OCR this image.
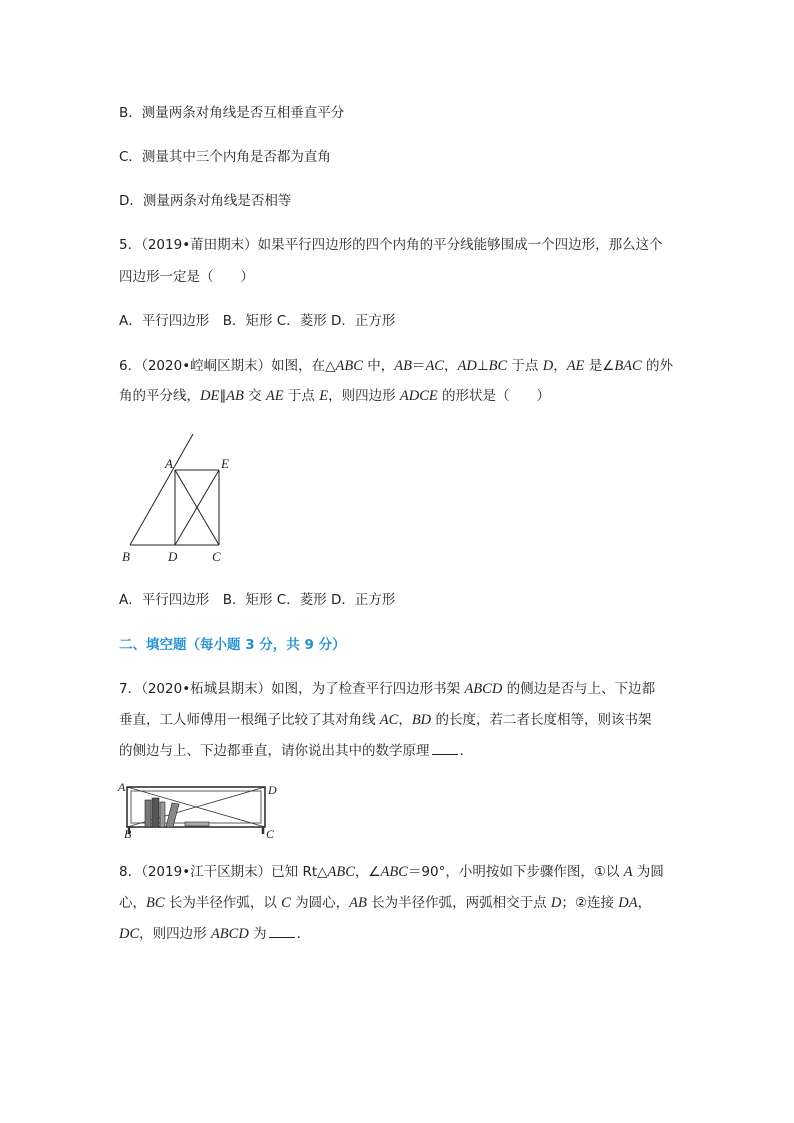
B．测量两条对角线是否互相垂直平分
C．测量其中三个内角是否都为直角
D．测量两条对角线是否相等
5．（2019•莆田期末）如果平行四边形的四个内角的平分线能够围成一个四边形，那么这个
四边形一定是（　　）
A．平行四边形　B．矩形 C．菱形 D．正方形
6．（2020•崆峒区期末）如图，在△ABC 中，AB＝AC，AD⊥BC 于点 D，AE 是∠BAC 的外
角的平分线，DE∥AB 交 AE 于点 E，则四边形 ADCE 的形状是（　　）
A	E
B	D	C
A．平行四边形　B．矩形 C．菱形 D．正方形
二、填空题（每小题 3 分，共 9 分）
7．（2020•柘城县期末）如图，为了检查平行四边形书架 ABCD 的侧边是否与上、下边都
垂直，工人师傅用一根绳子比较了其对角线 AC，BD 的长度，若二者长度相等，则该书架
的侧边与上、下边都垂直，请你说出其中的数学原理 ．
A	D
B	C
8．（2019•江干区期末）已知 Rt△ABC，∠ABC＝90°，小明按如下步骤作图，①以 A 为圆
心，BC 长为半径作弧，以 C 为圆心，AB 长为半径作弧，两弧相交于点 D；②连接 DA，
DC，则四边形 ABCD 为 ．
